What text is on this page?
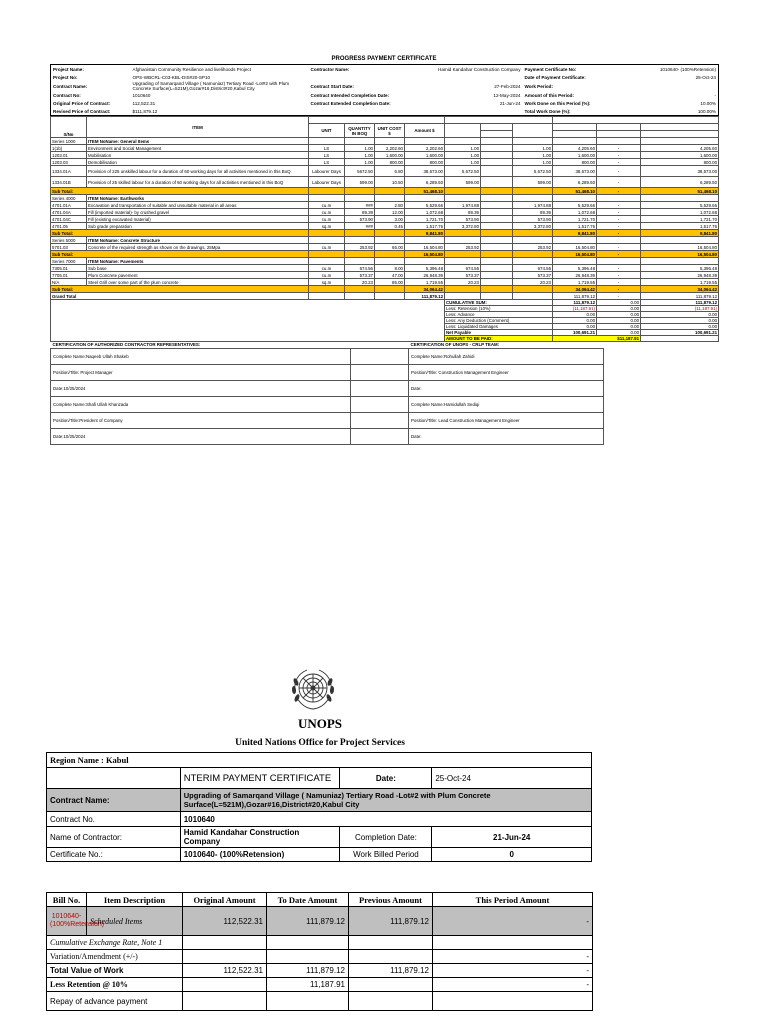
PROGRESS PAYMENT CERTIFICATE
Project Name:	Afghanistan Community Resilience and livelihoods Project	Contractor Name:	Hamid Kandahar Construction Company	Payment Certificate No:	1010640- (100%Retension)
Project No:	OPS-WBCRL-C03-KBL-DIS#20-SP10			Date of Payment Certificate:	25-Oct-24
Contract Name:	Upgrading of Samarqand Village ( Namuniaz) Tertiary Road -Lot#2 with Plum Concrete Surface(L=521M),Gozar#16,District#20,Kabul City	Contract Start Date:	27-Feb-2024	Work Period:	
Contract No:	1010640	Contract Intended Completion Date:	12-May-2024	Amount of this Period:	-
Original Price of Contract:	112,522.31	Contract Extended Completion Date:	21-Jun-24	Work Done on this Period (%):	10.00%
Revised Price of Contract:	$111,879.12			Total Work Done (%):	100.00%
S/No	ITEM	CONTRACT				Certified Quantity			Certified for Payment		
		UNIT	QUANTITY IN BOQ	UNIT COST $	Amount $	All Previous	This	To Date	All Previous	This Period	To Date
							Period		USD	USD	USD
Series 1000	ITEM NoName: General Items										
1(1b)	Environment and Social Management	LS	1.00	2,202.60	2,202.60	1.00		1.00	4,205.60	-	4,205.60
1203.01	Mobilisation	LS	1.00	1,600.00	1,600.00	1.00		1.00	1,600.00	-	1,600.00
1203.03	Demobilisation	LS	1.00	800.00	800.00	1.00		1.00	800.00	-	800.00
1334.01A	Provision of 225 unskilled labour for a duration of 60 working days for all activities mentioned in this BoQ	Labourer Days	5672.50	6.80	38,573.00	5,672.50		5,672.50	38,573.00	-	38,573.00
1334.01B	Provision of 25 skilled labour for a duration of 60 working days for all activities mentioned in this BoQ	Labourer Days	599.00	10.50	6,289.50	599.00		599.00	6,289.50	-	6,289.50
Sub Total:					51,468.10				51,468.10	-	51,468.10
Series 4000	ITEM NoName: Earthworks										
4701.01A	Excavation and transportation of suitable and unsuitable material in all areas	cu.m	###	2.80	5,529.66	1,974.88		1,974.88	5,529.66	-	5,529.66
4701.04A	Fill (imported material)- by crushed gravel	cu.m	89.39	12.00	1,072.68	89.39		89.39	1,072.68	-	1,072.68
4701.04C	Fill (existing excavated material)	cu.m	573.90	3.00	1,721.70	573.90		573.90	1,721.70	-	1,721.70
4701.05	Sub grade preparation	sq.m	###	0.45	1,517.76	3,372.80		3,372.80	1,517.76	-	1,517.76
Sub Total:					9,841.80				9,841.80	-	9,841.80
Series 5000	ITEM NoName: Concrete Structure										
5701.03	Concrete of the required strength as shown on the drawings, 25Mpa	cu.m	253.92	65.00	16,504.80	253.92		253.92	16,504.80	-	16,504.80
Sub Total:					16,504.80				16,504.80	-	16,504.80
Series 7000	ITEM NoName: Pavements										
7305.01	Sub base	cu.m	674.56	8.00	5,396.48	674.56		674.56	5,396.48	-	5,396.48
7705.01	Plum Concrete pavement	cu.m	573.37	47.00	26,948.39	573.37		573.37	26,948.39	-	26,948.39
N/A	Steel Grill over some part of the plum concrete	sq.m	20.23	85.00	1,719.55	20.23		20.23	1,719.55	-	1,719.55
Sub Total:					34,064.42				34,064.42	-	34,064.42
Grand Total					111,879.12				111,879.12	-	111,879.12
						CUMULATIVE SUM:			111,879.12	0.00	111,879.12
						Less: Retension (10%)			(11,187.91)	0.00	(11,187.91)
						Less: Advance			0.00	0.00	0.00
						Less: Any Deduction (Comment)			0.00	0.00	0.00
						Less: Liquidated Damages			0.00	0.00	0.00
						Net Payable			100,691.21	0.00	100,691.21
						AMOUNT TO BE PAID:			$11,187.91		
CERTIFICATION OF AUTHORIZED CONTRACTOR REPRESENTATIVES:		CERTIFICATION OF UNOPS - CRLP TEAM:
Complete Name:Naqeeb Ullah Shakeb		Complete Name:Rohullah Zahidi
Position/Title: Project Manager		Position/Title: Construction Management Engineer
Date:10/25/2024		Date:
Complete Name:Shafi Ullah Khanzada		Complete Name:Hamidullah Sediqi
Position/Title:President of Company		Position/Title: Lead Construction Management Engineer
Date:10/25/2024		Date:
UNOPS
United Nations Office for Project Services
Region Name : Kabul			
	NTERIM PAYMENT CERTIFICATE	Date:	25-Oct-24
Contract Name:	Upgrading of Samarqand Village ( Namuniaz) Tertiary Road -Lot#2 with Plum Concrete Surface(L=521M),Gozar#16,District#20,Kabul City		
Contract No.	1010640		
Name of Contractor:	Hamid Kandahar Construction Company	Completion Date:	21-Jun-24
Certificate No.:	1010640- (100%Retension)	Work Billed Period	0
Bill No.	Item Description	Original Amount	To Date Amount	Previous Amount	This Period Amount
1010640- (100%Retension)	Scheduled Items	112,522.31	111,879.12	111,879.12	-
Cumulative Exchange Rate, Note 1					
Variation/Amendment (+/-)					-
Total Value of Work		112,522.31	111,879.12	111,879.12	-
Less Retention @ 10%			11,187.91		-
Repay of advance payment					
